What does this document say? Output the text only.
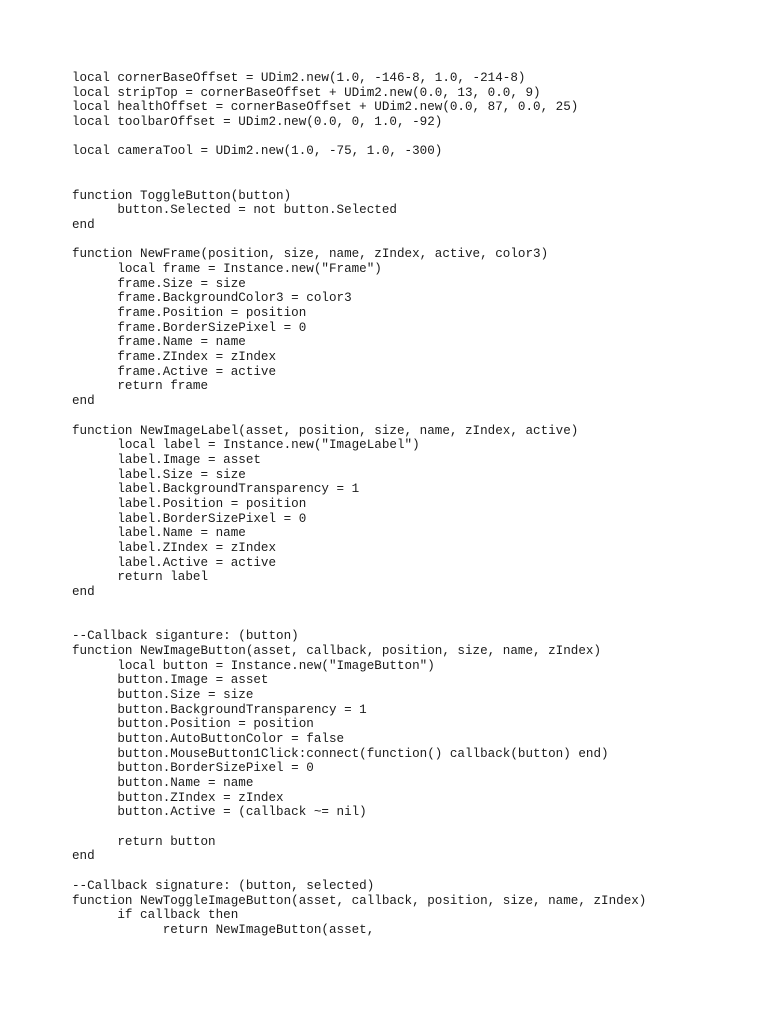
local cornerBaseOffset = UDim2.new(1.0, -146-8, 1.0, -214-8)
local stripTop = cornerBaseOffset + UDim2.new(0.0, 13, 0.0, 9)
local healthOffset = cornerBaseOffset + UDim2.new(0.0, 87, 0.0, 25)
local toolbarOffset = UDim2.new(0.0, 0, 1.0, -92)
local cameraTool = UDim2.new(1.0, -75, 1.0, -300)
function ToggleButton(button)
button.Selected = not button.Selected
end
function NewFrame(position, size, name, zIndex, active, color3)
local frame = Instance.new("Frame")
frame.Size = size
frame.BackgroundColor3 = color3
frame.Position = position
frame.BorderSizePixel = 0
frame.Name = name
frame.ZIndex = zIndex
frame.Active = active
return frame
end
function NewImageLabel(asset, position, size, name, zIndex, active)
local label = Instance.new("ImageLabel")
label.Image = asset
label.Size = size
label.BackgroundTransparency = 1
label.Position = position
label.BorderSizePixel = 0
label.Name = name
label.ZIndex = zIndex
label.Active = active
return label
end
--Callback siganture: (button)
function NewImageButton(asset, callback, position, size, name, zIndex)
local button = Instance.new("ImageButton")
button.Image = asset
button.Size = size
button.BackgroundTransparency = 1
button.Position = position
button.AutoButtonColor = false
button.MouseButton1Click:connect(function() callback(button) end)
button.BorderSizePixel = 0
button.Name = name
button.ZIndex = zIndex
button.Active = (callback ~= nil)
return button
end
--Callback signature: (button, selected)
function NewToggleImageButton(asset, callback, position, size, name, zIndex)
if callback then
return NewImageButton(asset,
